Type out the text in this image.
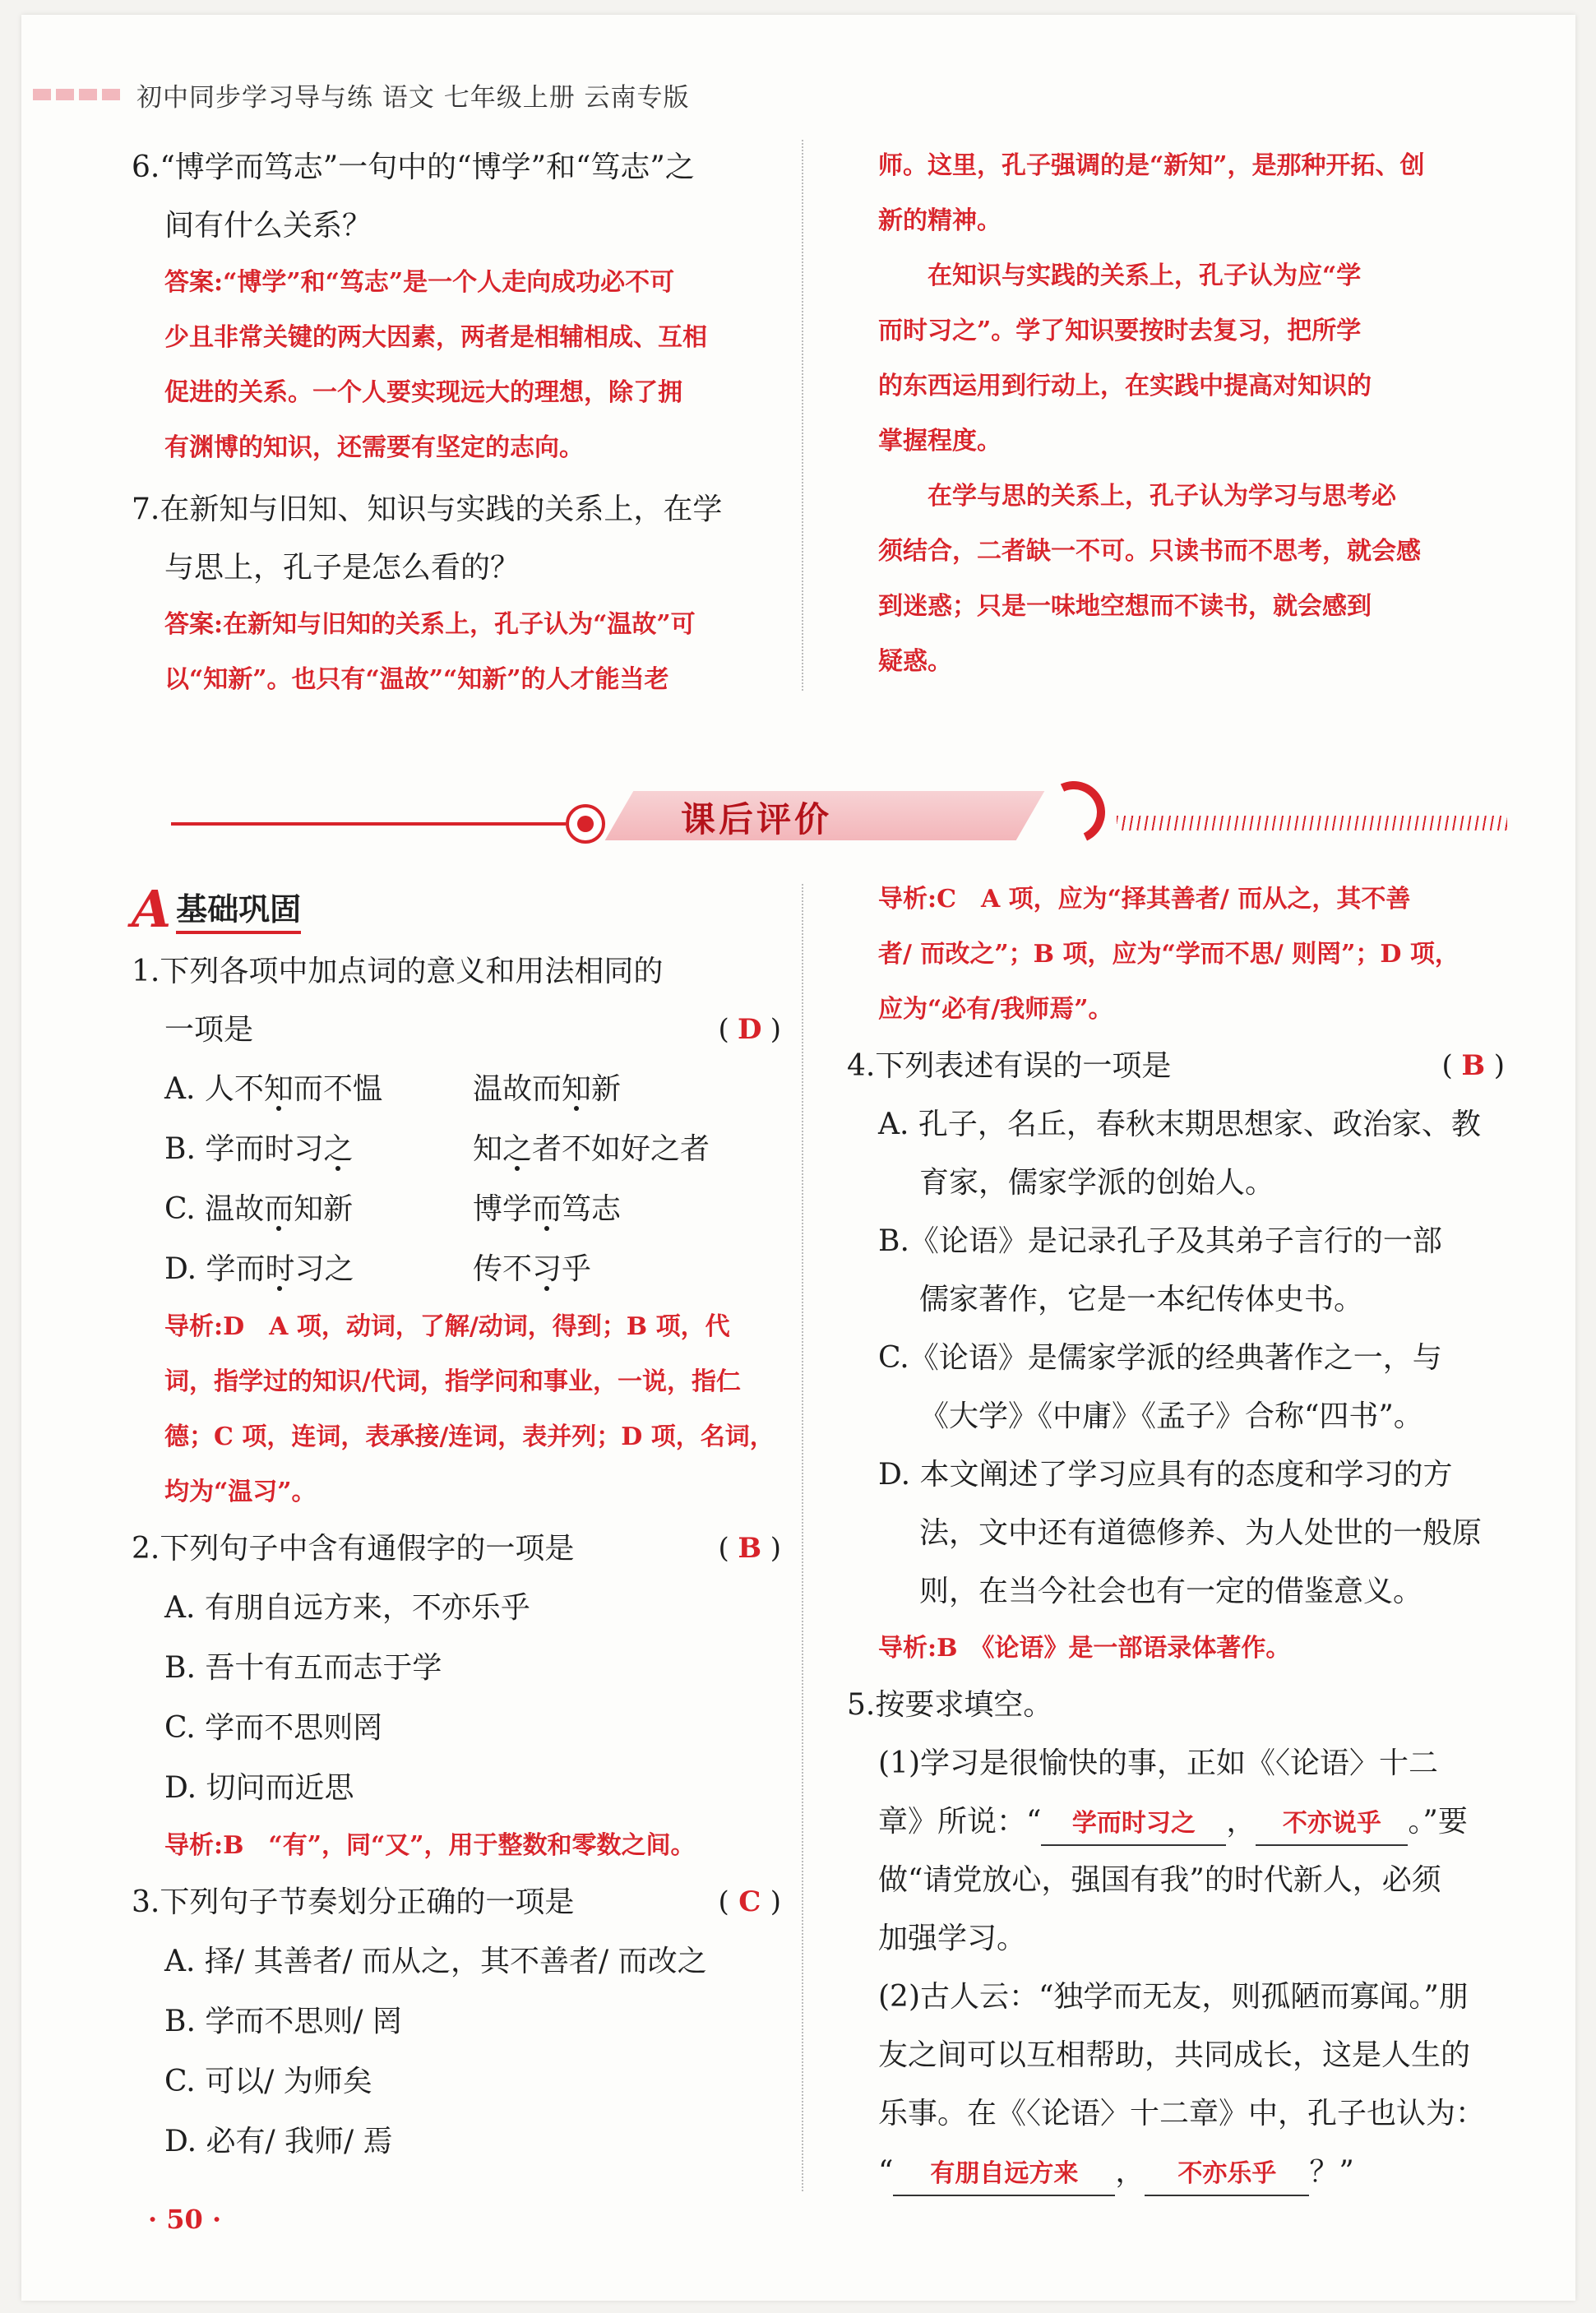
初中同步学习导与练 语文 七年级上册 云南专版
6.“博学而笃志”一句中的“博学”和“笃志”之
间有什么关系？
答案:“博学”和“笃志”是一个人走向成功必不可
少且非常关键的两大因素，两者是相辅相成、互相
促进的关系。一个人要实现远大的理想，除了拥
有渊博的知识，还需要有坚定的志向。
7.在新知与旧知、知识与实践的关系上，在学
与思上，孔子是怎么看的？
答案:在新知与旧知的关系上，孔子认为“温故”可
以“知新”。也只有“温故”“知新”的人才能当老
师。这里，孔子强调的是“新知”，是那种开拓、创
新的精神。
在知识与实践的关系上，孔子认为应“学
而时习之”。学了知识要按时去复习，把所学
的东西运用到行动上，在实践中提高对知识的
掌握程度。
在学与思的关系上，孔子认为学习与思考必
须结合，二者缺一不可。只读书而不思考，就会感
到迷惑；只是一味地空想而不读书，就会感到
疑惑。
课后评价
A 基础巩固
1.下列各项中加点词的意义和用法相同的
一项是	( D )
A. 人不知而不愠	温故而知新
B. 学而时习之	知之者不如好之者
C. 温故而知新	博学而笃志
D. 学而时习之	传不习乎
导析:D　A 项，动词，了解/动词，得到；B 项，代
词，指学过的知识/代词，指学问和事业，一说，指仁
德；C 项，连词，表承接/连词，表并列；D 项，名词，
均为“温习”。
2.下列句子中含有通假字的一项是	( B )
A. 有朋自远方来，不亦乐乎
B. 吾十有五而志于学
C. 学而不思则罔
D. 切问而近思
导析:B　“有”，同“又”，用于整数和零数之间。
3.下列句子节奏划分正确的一项是	( C )
A. 择/ 其善者/ 而从之，其不善者/ 而改之
B. 学而不思则/ 罔
C. 可以/ 为师矣
D. 必有/ 我师/ 焉
导析:C　A 项，应为“择其善者/ 而从之，其不善
者/ 而改之”；B 项，应为“学而不思/ 则罔”；D 项，
应为“必有/我师焉”。
4.下列表述有误的一项是	( B )
A. 孔子，名丘，春秋末期思想家、政治家、教
育家，儒家学派的创始人。
B.《论语》是记录孔子及其弟子言行的一部
儒家著作，它是一本纪传体史书。
C.《论语》是儒家学派的经典著作之一，与
《大学》《中庸》《孟子》合称“四书”。
D. 本文阐述了学习应具有的态度和学习的方
法，文中还有道德修养、为人处世的一般原
则，在当今社会也有一定的借鉴意义。
导析:B　《论语》是一部语录体著作。
5.按要求填空。
(1)学习是很愉快的事，正如《〈论语〉十二
章》所说：“ 学而时习之 ， 不亦说乎 。”要
做“请党放心，强国有我”的时代新人，必须
加强学习。
(2)古人云：“独学而无友，则孤陋而寡闻。”朋
友之间可以互相帮助，共同成长，这是人生的
乐事。在《〈论语〉十二章》中，孔子也认为：
“ 有朋自远方来 ， 不亦乐乎 ？”
· 50 ·
